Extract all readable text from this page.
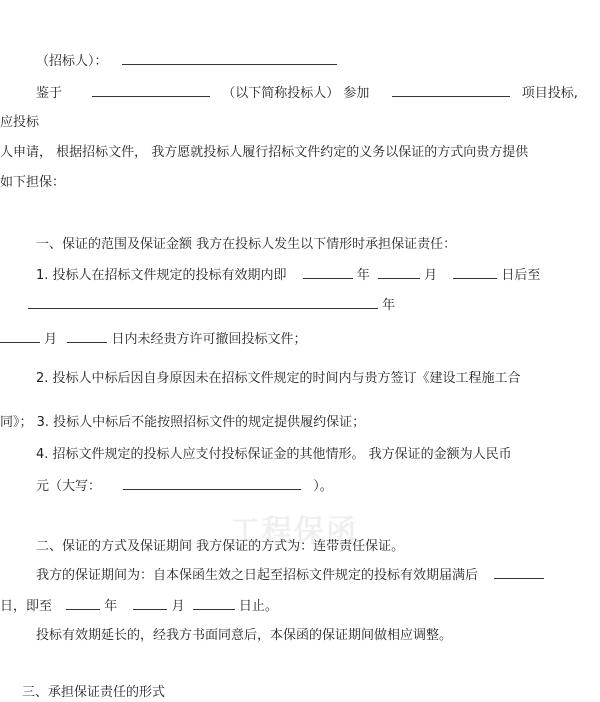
（招标人）：
鉴于	（以下简称投标人） 参加	项目投标,
应投标
人申请， 根据招标文件， 我方愿就投标人履行招标文件约定的义务以保证的方式向贵方提供
如下担保：
一、保证的范围及保证金额 我方在投标人发生以下情形时承担保证责任：
1. 投标人在招标文件规定的投标有效期内即	年	月	日后至
年
月	日内未经贵方许可撤回投标文件；
2. 投标人中标后因自身原因未在招标文件规定的时间内与贵方签订《建设工程施工合
同》； 3. 投标人中标后不能按照招标文件的规定提供履约保证；
4. 招标文件规定的投标人应支付投标保证金的其他情形。 我方保证的金额为人民币
元（大写：	）。
工程保函
二、保证的方式及保证期间 我方保证的方式为：连带责任保证。
我方的保证期间为：自本保函生效之日起至招标文件规定的投标有效期届满后
日，即至	年	月	日止。
投标有效期延长的，经我方书面同意后，本保函的保证期间做相应调整。
三、承担保证责任的形式
